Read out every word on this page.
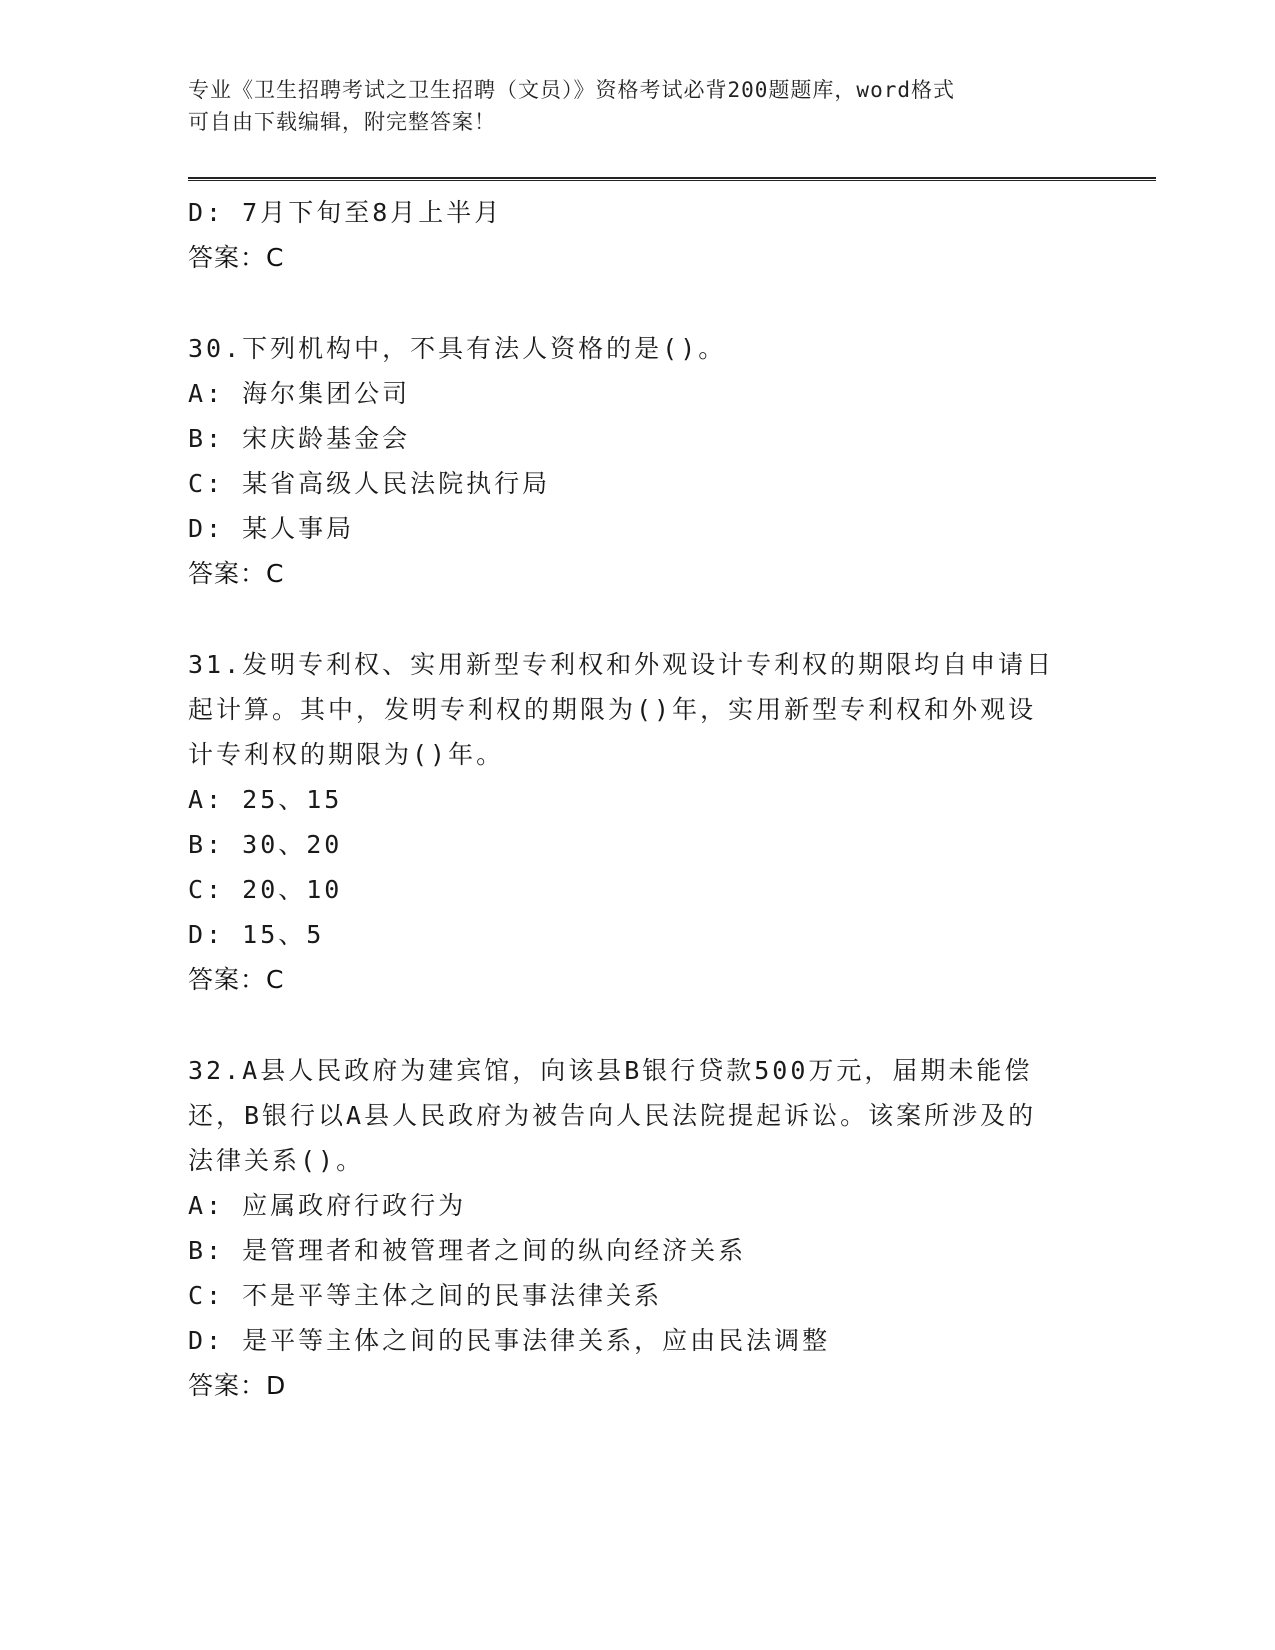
专业《卫生招聘考试之卫生招聘（文员）》资格考试必背200题题库，word格式
可自由下载编辑，附完整答案！
D: 7月下旬至8月上半月
答案：C
30.下列机构中，不具有法人资格的是()。
A: 海尔集团公司
B: 宋庆龄基金会
C: 某省高级人民法院执行局
D: 某人事局
答案：C
31.发明专利权、实用新型专利权和外观设计专利权的期限均自申请日
起计算。其中，发明专利权的期限为()年，实用新型专利权和外观设
计专利权的期限为()年。
A: 25、15
B: 30、20
C: 20、10
D: 15、5
答案：C
32.A县人民政府为建宾馆，向该县B银行贷款500万元，届期未能偿
还，B银行以A县人民政府为被告向人民法院提起诉讼。该案所涉及的
法律关系()。
A: 应属政府行政行为
B: 是管理者和被管理者之间的纵向经济关系
C: 不是平等主体之间的民事法律关系
D: 是平等主体之间的民事法律关系，应由民法调整
答案：D
